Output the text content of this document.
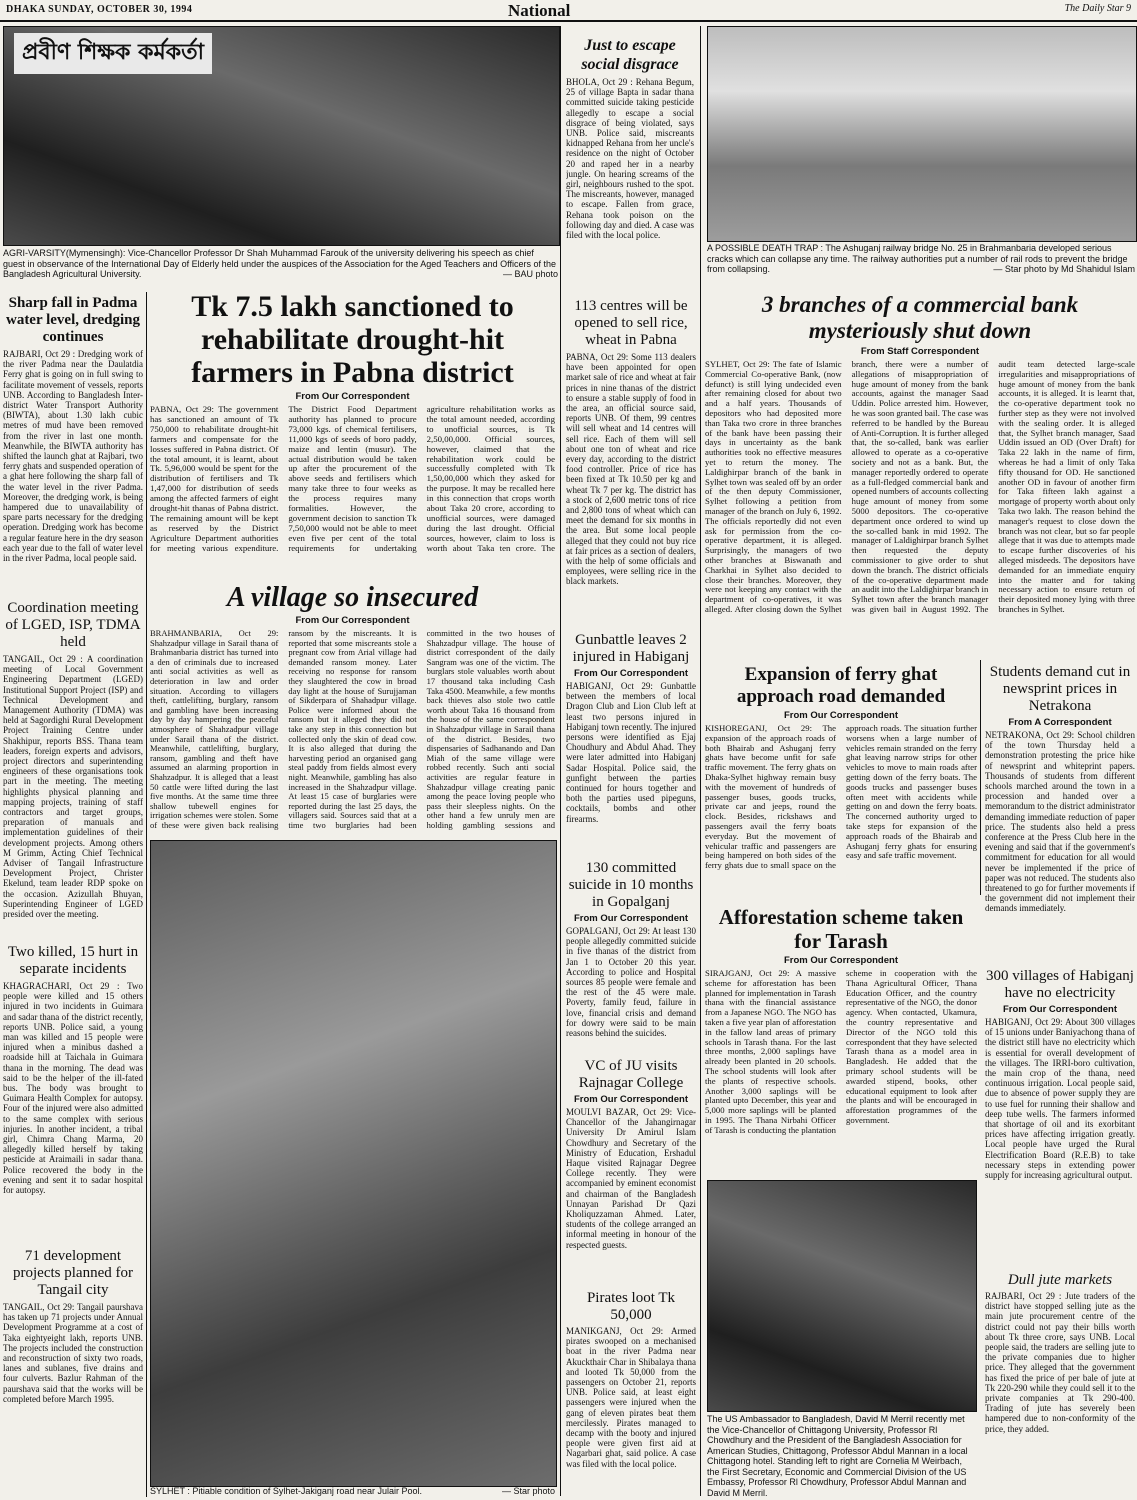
DHAKA SUNDAY, OCTOBER 30, 1994	National	The Daily Star 9
প্রবীণ শিক্ষক কর্মকর্তা
AGRI-VARSITY(Mymensingh): Vice-Chancellor Professor Dr Shah Muhammad Farouk of the university delivering his speech as chief guest in observance of the International Day of Elderly held under the auspices of the Association for the Aged Teachers and Officers of the Bangladesh Agricultural University.	— BAU photo
Just to escape social disgrace
BHOLA, Oct 29 : Rehana Begum, 25 of village Bapta in sadar thana committed suicide taking pesticide allegedly to escape a social disgrace of being violated, says UNB. Police said, miscreants kidnapped Rehana from her uncle's residence on the night of October 20 and raped her in a nearby jungle. On hearing screams of the girl, neighbours rushed to the spot. The miscreants, however, managed to escape. Fallen from grace, Rehana took poison on the following day and died. A case was filed with the local police.
A POSSIBLE DEATH TRAP : The Ashuganj railway bridge No. 25 in Brahmanbaria developed serious cracks which can collapse any time. The railway authorities put a number of rail rods to prevent the bridge from collapsing.	— Star photo by Md Shahidul Islam
Sharp fall in Padma water level, dredging continues
RAJBARI, Oct 29 : Dredging work of the river Padma near the Daulatdia Ferry ghat is going on in full swing to facilitate movement of vessels, reports UNB. According to Bangladesh Inter-district Water Transport Authority (BIWTA), about 1.30 lakh cubic metres of mud have been removed from the river in last one month. Meanwhile, the BIWTA authority has shifted the launch ghat at Rajbari, two ferry ghats and suspended operation of a ghat here following the sharp fall of the water level in the river Padma. Moreover, the dredging work, is being hampered due to unavailability of spare parts necessary for the dredging operation. Dredging work has become a regular feature here in the dry season each year due to the fall of water level in the river Padma, local people said.
Tk 7.5 lakh sanctioned to rehabilitate drought-hit farmers in Pabna district
From Our Correspondent
PABNA, Oct 29: The government has sanctioned an amount of Tk 750,000 to rehabilitate drought-hit farmers and compensate for the losses suffered in Pabna district. Of the total amount, it is learnt, about Tk. 5,96,000 would be spent for the distribution of fertilisers and Tk 1,47,000 for distribution of seeds among the affected farmers of eight drought-hit thanas of Pabna district. The remaining amount will be kept as reserved by the District Agriculture Department authorities for meeting various expenditure. The District Food Department authority has planned to procure 73,000 kgs. of chemical fertilisers, 11,000 kgs of seeds of boro paddy, maize and lentin (musur). The actual distribution would be taken up after the procurement of the above seeds and fertilisers which many take three to four weeks as the process requires many formalities. However, the government decision to sanction Tk 7,50,000 would not be able to meet even five per cent of the total requirements for undertaking agriculture rehabilitation works as the total amount needed, according to unofficial sources, is Tk 2,50,00,000. Official sources, however, claimed that the rehabilitation work could be successfully completed with Tk 1,50,00,000 which they asked for the purpose. It may be recalled here in this connection that crops worth about Taka 20 crore, according to unofficial sources, were damaged during the last drought. Official sources, however, claim to loss is worth about Taka ten crore. The
113 centres will be opened to sell rice, wheat in Pabna
PABNA, Oct 29: Some 113 dealers have been appointed for open market sale of rice and wheat at fair prices in nine thanas of the district to ensure a stable supply of food in the area, an official source said, reports UNB. Of them, 99 centres will sell wheat and 14 centres will sell rice. Each of them will sell about one ton of wheat and rice every day, according to the district food controller. Price of rice has been fixed at Tk 10.50 per kg and wheat Tk 7 per kg. The district has a stock of 2,600 metric tons of rice and 2,800 tons of wheat which can meet the demand for six months in the area. But some local people alleged that they could not buy rice at fair prices as a section of dealers, with the help of some officials and employees, were selling rice in the black markets.
3 branches of a commercial bank mysteriously shut down
From Staff Correspondent
SYLHET, Oct 29: The fate of Islamic Commercial Co-operative Bank, (now defunct) is still lying undecided even after remaining closed for about two and a half years. Thousands of depositors who had deposited more than Taka two crore in three branches of the bank have been passing their days in uncertainty as the bank authorities took no effective measures yet to return the money. The Laldighirpar branch of the bank in Sylhet town was sealed off by an order of the then deputy Commissioner, Sylhet following a petition from manager of the branch on July 6, 1992. The officials reportedly did not even ask for permission from the co-operative department, it is alleged. Surprisingly, the managers of two other branches at Biswanath and Charkhai in Sylhet also decided to close their branches. Moreover, they were not keeping any contact with the department of co-operatives, it was alleged. After closing down the Sylhet branch, there were a number of allegations of misappropriation of huge amount of money from the bank accounts, against the manager Saad Uddin. Police arrested him. However, he was soon granted bail. The case was referred to be handled by the Bureau of Anti-Corruption. It is further alleged that, the so-called, bank was earlier allowed to operate as a co-operative society and not as a bank. But, the manager reportedly ordered to operate as a full-fledged commercial bank and opened numbers of accounts collecting huge amount of money from some 5000 depositors. The co-operative department once ordered to wind up the so-called bank in mid 1992. The manager of Laldighirpar branch Sylhet then requested the deputy commissioner to give order to shut down the branch. The district officials of the co-operative department made an audit into the Laldighirpar branch in Sylhet town after the branch manager was given bail in August 1992. The audit team detected large-scale irregularities and misappropriations of huge amount of money from the bank accounts, it is alleged. It is learnt that, the co-operative department took no further step as they were not involved with the sealing order. It is alleged that, the Sylhet branch manager, Saad Uddin issued an OD (Over Draft) for Taka 22 lakh in the name of firm, whereas he had a limit of only Taka fifty thousand for OD. He sanctioned another OD in favour of another firm for Taka fifteen lakh against a mortgage of property worth about only Taka two lakh. The reason behind the manager's request to close down the branch was not clear, but so far people allege that it was due to attempts made to escape further discoveries of his alleged misdeeds. The depositors have demanded for an immediate enquiry into the matter and for taking necessary action to ensure return of their deposited money lying with three branches in Sylhet.
Coordination meeting of LGED, ISP, TDMA held
TANGAIL, Oct 29 : A coordination meeting of Local Government Engineering Department (LGED) Institutional Support Project (ISP) and Technical Development and Management Authority (TDMA) was held at Sagordighi Rural Development Project Training Centre under Shakhipur, reports BSS. Thana team leaders, foreign experts and advisors, project directors and superintending engineers of these organisations took part in the meeting. The meeting highlights physical planning and mapping projects, training of staff contractors and target groups, preparation of manuals and implementation guidelines of their development projects. Among others M Grimm, Acting Chief Technical Adviser of Tangail Infrastructure Development Project, Christer Ekelund, team leader RDP spoke on the occasion. Azizullah Bhuyan, Superintending Engineer of LGED presided over the meeting.
A village so insecured
From Our Correspondent
BRAHMANBARIA, Oct 29: Shahzadpur village in Sarail thana of Brahmanbaria district has turned into a den of criminals due to increased anti social activities as well as deterioration in law and order situation. According to villagers theft, cattlelifting, burglary, ransom and gambling have been increasing day by day hampering the peaceful atmosphere of Shahzadpur village under Sarail thana of the district. Meanwhile, cattlelifting, burglary, ransom, gambling and theft have assumed an alarming proportion in Shahzadpur. It is alleged that a least 50 cattle were lifted during the last five months. At the same time three shallow tubewell engines for irrigation schemes were stolen. Some of these were given back realising ransom by the miscreants. It is reported that some miscreants stole a pregnant cow from Arial village had demanded ransom money. Later receiving no response for ransom they slaughtered the cow in broad day light at the house of Surujjaman of Sikderpara of Shahadpur village. Police were informed about the ransom but it alleged they did not take any step in this connection but collected only the skin of dead cow. It is also alleged that during the harvesting period an organised gang steal paddy from fields almost every night. Meanwhile, gambling has also increased in the Shahzadpur village. At least 15 case of burglaries were reported during the last 25 days, the villagers said. Sources said that at a time two burglaries had been committed in the two houses of Shahzadpur village. The house of district correspondent of the daily Sangram was one of the victim. The burglars stole valuables worth about 17 thousand taka including Cash Taka 4500. Meanwhile, a few months back thieves also stole two cattle worth about Taka 16 thousand from the house of the same correspondent in Shahzadpur village in Sarail thana of the district. Besides, two dispensaries of Sadhanando and Dan Miah of the same village were robbed recently. Such anti social activities are regular feature in Shahzadpur village creating panic among the peace loving people who pass their sleepless nights. On the other hand a few unruly men are holding gambling sessions and
Gunbattle leaves 2 injured in Habiganj
From Our Correspondent
HABIGANJ, Oct 29: Gunbattle between the members of local Dragon Club and Lion Club left at least two persons injured in Habiganj town recently. The injured persons were identified as Ejaj Choudhury and Abdul Ahad. They were later admitted into Habiganj Sadar Hospital. Police said, the gunfight between the parties continued for hours together and both the parties used pipeguns, cocktails, bombs and other firearms.
Expansion of ferry ghat approach road demanded
From Our Correspondent
KISHOREGANJ, Oct 29: The expansion of the approach roads of both Bhairab and Ashuganj ferry ghats have become unfit for safe traffic movement. The ferry ghats on Dhaka-Sylhet highway remain busy with the movement of hundreds of passenger buses, goods trucks, private car and jeeps, round the clock. Besides, rickshaws and passengers avail the ferry boats everyday. But the movement of vehicular traffic and passengers are being hampered on both sides of the ferry ghats due to small space on the approach roads. The situation further worsens when a large number of vehicles remain stranded on the ferry ghat leaving narrow strips for other vehicles to move to main roads after getting down of the ferry boats. The goods trucks and passenger buses often meet with accidents while getting on and down the ferry boats. The concerned authority urged to take steps for expansion of the approach roads of the Bhairab and Ashuganj ferry ghats for ensuring easy and safe traffic movement.
Students demand cut in newsprint prices in Netrakona
From A Correspondent
NETRAKONA, Oct 29: School children of the town Thursday held a demonstration protesting the price hike of newsprint and whiteprint papers. Thousands of students from different schools marched around the town in a procession and handed over a memorandum to the district administrator demanding immediate reduction of paper price. The students also held a press conference at the Press Club here in the evening and said that if the government's commitment for education for all would never be implemented if the price of paper was not reduced. The students also threatened to go for further movements if the government did not implement their demands immediately.
Two killed, 15 hurt in separate incidents
KHAGRACHARI, Oct 29 : Two people were killed and 15 others injured in two incidents in Guimara and sadar thana of the district recently, reports UNB. Police said, a young man was killed and 15 people were injured when a minibus dashed a roadside hill at Taichala in Guimara thana in the morning. The dead was said to be the helper of the ill-fated bus. The body was brought to Guimara Health Complex for autopsy. Four of the injured were also admitted to the same complex with serious injuries. In another incident, a tribal girl, Chimra Chang Marma, 20 allegedly killed herself by taking pesticide at Araimaili in sadar thana. Police recovered the body in the evening and sent it to sadar hospital for autopsy.
SYLHET : Pitiable condition of Sylhet-Jakiganj road near Julair Pool.	— Star photo
130 committed suicide in 10 months in Gopalganj
From Our Correspondent
GOPALGANJ, Oct 29: At least 130 people allegedly committed suicide in five thanas of the district from Jan 1 to October 20 this year. According to police and Hospital sources 85 people were female and the rest of the 45 were male. Poverty, family feud, failure in love, financial crisis and demand for dowry were said to be main reasons behind the suicides.
Afforestation scheme taken for Tarash
From Our Correspondent
SIRAJGANJ, Oct 29: A massive scheme for afforestation has been planned for implementation in Tarash thana with the financial assistance from a Japanese NGO. The NGO has taken a five year plan of afforestation in the fallow land areas of primary schools in Tarash thana. For the last three months, 2,000 saplings have already been planted in 20 schools. The school students will look after the plants of respective schools. Another 3,000 saplings will be planted upto December, this year and 5,000 more saplings will be planted in 1995. The Thana Nirbahi Officer of Tarash is conducting the plantation scheme in cooperation with the Thana Agricultural Officer, Thana Education Officer, and the country representative of the NGO, the donor agency. When contacted, Ukamura, the country representative and Director of the NGO told this correspondent that they have selected Tarash thana as a model area in Bangladesh. He added that the primary school students will be awarded stipend, books, other educational equipment to look after the plants and will be encouraged in afforestation programmes of the government.
300 villages of Habiganj have no electricity
From Our Correspondent
HABIGANJ, Oct 29: About 300 villages of 15 unions under Baniyachong thana of the district still have no electricity which is essential for overall development of the villages. The IRRI-boro cultivation, the main crop of the thana, need continuous irrigation. Local people said, due to absence of power supply they are to use fuel for running their shallow and deep tube wells. The farmers informed that shortage of oil and its exorbitant prices have affecting irrigation greatly. Local people have urged the Rural Electrification Board (R.E.B) to take necessary steps in extending power supply for increasing agricultural output.
71 development projects planned for Tangail city
TANGAIL, Oct 29: Tangail paurshava has taken up 71 projects under Annual Development Programme at a cost of Taka eightyeight lakh, reports UNB. The projects included the construction and reconstruction of sixty two roads, lanes and sublanes, five drains and four culverts. Bazlur Rahman of the paurshava said that the works will be completed before March 1995.
VC of JU visits Rajnagar College
From Our Correspondent
MOULVI BAZAR, Oct 29: Vice-Chancellor of the Jahangirnagar University Dr Amirul Islam Chowdhury and Secretary of the Ministry of Education, Ershadul Haque visited Rajnagar Degree College recently. They were accompanied by eminent economist and chairman of the Bangladesh Unnayan Parishad Dr Qazi Kholiquzzaman Ahmed. Later, students of the college arranged an informal meeting in honour of the respected guests.
Pirates loot Tk 50,000
MANIKGANJ, Oct 29: Armed pirates swooped on a mechanised boat in the river Padma near Akuckthair Char in Shibalaya thana and looted Tk 50,000 from the passengers on October 21, reports UNB. Police said, at least eight passengers were injured when the gang of eleven pirates beat them mercilessly. Pirates managed to decamp with the booty and injured people were given first aid at Nagarbari ghat, said police. A case was filed with the local police.
The US Ambassador to Bangladesh, David M Merril recently met the Vice-Chancellor of Chittagong University, Professor Rl Chowdhury and the President of the Bangladesh Association for American Studies, Chittagong, Professor Abdul Mannan in a local Chittagong hotel. Standing left to right are Cornelia M Weirbach, the First Secretary, Economic and Commercial Division of the US Embassy, Professor Rl Chowdhury, Professor Abdul Mannan and David M Merril.
Dull jute markets
RAJBARI, Oct 29 : Jute traders of the district have stopped selling jute as the main jute procurement centre of the district could not pay their bills worth about Tk three crore, says UNB. Local people said, the traders are selling jute to the private companies due to higher price. They alleged that the government has fixed the price of per bale of jute at Tk 220-290 while they could sell it to the private companies at Tk 290-400. Trading of jute has severely been hampered due to non-conformity of the price, they added.
